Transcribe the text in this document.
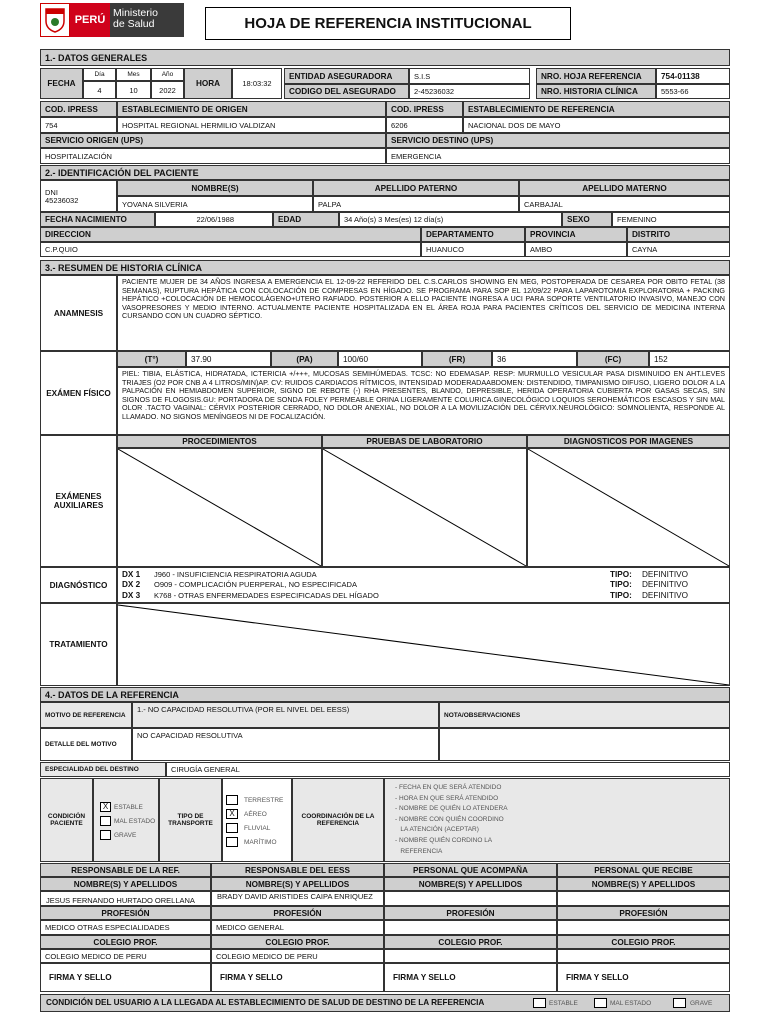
PERÚ
Ministerio
de Salud	HOJA DE REFERENCIA INSTITUCIONAL
1.- DATOS GENERALES
FECHA
Día	Mes	Año
4	10	2022
HORA	18:03:32
ENTIDAD ASEGURADORA	S.I.S
CODIGO DEL ASEGURADO	2-45236032
NRO. HOJA REFERENCIA	754-01138
NRO. HISTORIA CLÍNICA	5553-66
COD. IPRESS	ESTABLECIMIENTO DE ORIGEN	COD. IPRESS	ESTABLECIMIENTO DE REFERENCIA
754	HOSPITAL REGIONAL HERMILIO VALDIZAN	6206	NACIONAL DOS DE MAYO
SERVICIO ORIGEN (UPS)	SERVICIO DESTINO (UPS)
HOSPITALIZACIÓN	EMERGENCIA
2.- IDENTIFICACIÓN DEL PACIENTE
DNI
45236032
NOMBRE(S)	APELLIDO PATERNO	APELLIDO MATERNO
YOVANA SILVERIA	PALPA	CARBAJAL
FECHA NACIMIENTO	22/06/1988	EDAD	34 Año(s) 3 Mes(es) 12 día(s)	SEXO	FEMENINO
DIRECCION	DEPARTAMENTO	PROVINCIA	DISTRITO
C.P.QUIO	HUANUCO	AMBO	CAYNA
3.- RESUMEN DE HISTORIA CLÍNICA
ANAMNESIS
PACIENTE MUJER DE 34 AÑOS INGRESA A EMERGENCIA EL 12-09-22 REFERIDO DEL C.S.CARLOS SHOWING EN MEG, POSTOPERADA DE CESAREA POR OBITO FETAL (38 SEMANAS), RUPTURA HEPÁTICA CON COLOCACIÓN DE COMPRESAS EN HÍGADO. SE PROGRAMA PARA SOP EL 12/09/22 PARA LAPAROTOMIA EXPLORATORIA + PACKING HEPÁTICO +COLOCACIÓN DE HEMOCOLÁGENO+UTERO RAFIADO. POSTERIOR A ELLO PACIENTE INGRESA A UCI PARA SOPORTE VENTILATORIO INVASIVO, MANEJO CON VASOPRESORES Y MEDIO INTERNO. ACTUALMENTE PACIENTE HOSPITALIZADA EN EL ÁREA ROJA PARA PACIENTES CRÍTICOS DEL SERVICIO DE MEDICINA INTERNA CURSANDO CON UN CUADRO SÉPTICO.
EXÁMEN FÍSICO
(T°)	37.90	(PA)	100/60	(FR)	36	(FC)	152
PIEL: TIBIA, ELÁSTICA, HIDRATADA, ICTERICIA +/+++, MUCOSAS SEMIHÚMEDAS. TCSC: NO EDEMASAP. RESP: MURMULLO VESICULAR PASA DISMINUIDO EN AHT.LEVES TRIAJES (O2 POR CNB A 4 LITROS/MIN)AP. CV: RUIDOS CARDIACOS RÍTMICOS, INTENSIDAD MODERADAABDOMEN: DISTENDIDO, TIMPANISMO DIFUSO, LIGERO DOLOR A LA PALPACIÓN EN HEMIABDOMEN SUPERIOR, SIGNO DE REBOTE (-) RHA PRESENTES, BLANDO, DEPRESIBLE, HERIDA OPERATORIA CUBIERTA POR GASAS SECAS, SIN SIGNOS DE FLOGOSIS.GU: PORTADORA DE SONDA FOLEY PERMEABLE ORINA LIGERAMENTE COLURICA.GINECOLÓGICO LOQUIOS SEROHEMÁTICOS ESCASOS Y SIN MAL OLOR .TACTO VAGINAL: CÉRVIX POSTERIOR CERRADO, NO DOLOR ANEXIAL, NO DOLOR A LA MOVILIZACIÓN DEL CÉRVIX.NEUROLÓGICO: SOMNOLIENTA, RESPONDE AL LLAMADO. NO SIGNOS MENÍNGEOS NI DE FOCALIZACIÓN.
EXÁMENES AUXILIARES
PROCEDIMIENTOS	PRUEBAS DE LABORATORIO	DIAGNOSTICOS POR IMAGENES
DIAGNÓSTICO
DX 1	J960 - INSUFICIENCIA RESPIRATORIA AGUDA	TIPO:	DEFINITIVO
DX 2	O909 - COMPLICACIÓN PUERPERAL, NO ESPECIFICADA	TIPO:	DEFINITIVO
DX 3	K768 - OTRAS ENFERMEDADES ESPECIFICADAS DEL HÍGADO	TIPO:	DEFINITIVO
TRATAMIENTO
4.- DATOS DE LA REFERENCIA
MOTIVO DE REFERENCIA
1.- NO CAPACIDAD RESOLUTIVA (POR EL NIVEL DEL EESS)
NOTA/OBSERVACIONES
DETALLE DEL MOTIVO
NO CAPACIDAD RESOLUTIVA
ESPECIALIDAD DEL DESTINO	CIRUGÍA GENERAL
CONDICIÓN PACIENTE
X ESTABLE
MAL ESTADO
GRAVE
TIPO DE TRANSPORTE
TERRESTRE
X	AÉREO
FLUVIAL
MARÍTIMO
COORDINACIÓN DE LA REFERENCIA
- FECHA EN QUE SERÁ ATENDIDO
- HORA EN QUE SERÁ ATENDIDO
- NOMBRE DE QUIÉN LO ATENDERA
- NOMBRE CON QUIÉN COORDINO
LA ATENCIÓN (ACEPTAR)
- NOMBRE QUIÉN CORDINO LA
REFERENCIA
RESPONSABLE DE LA REF.	RESPONSABLE DEL EESS	PERSONAL QUE ACOMPAÑA	PERSONAL QUE RECIBE
NOMBRE(S) Y APELLIDOS	NOMBRE(S) Y APELLIDOS	NOMBRE(S) Y APELLIDOS	NOMBRE(S) Y APELLIDOS
JESUS FERNANDO HURTADO ORELLANA	BRADY DAVID ARISTIDES CAIPA ENRIQUEZ
PROFESIÓN	PROFESIÓN	PROFESIÓN	PROFESIÓN
MEDICO OTRAS ESPECIALIDADES	MEDICO GENERAL
COLEGIO PROF.	COLEGIO PROF.	COLEGIO PROF.	COLEGIO PROF.
COLEGIO MEDICO DE PERU	COLEGIO MEDICO DE PERU
FIRMA Y SELLO	FIRMA Y SELLO	FIRMA Y SELLO	FIRMA Y SELLO
CONDICIÓN DEL USUARIO A LA LLEGADA AL ESTABLECIMIENTO DE SALUD DE DESTINO DE LA REFERENCIA	ESTABLE	MAL ESTADO	GRAVE
